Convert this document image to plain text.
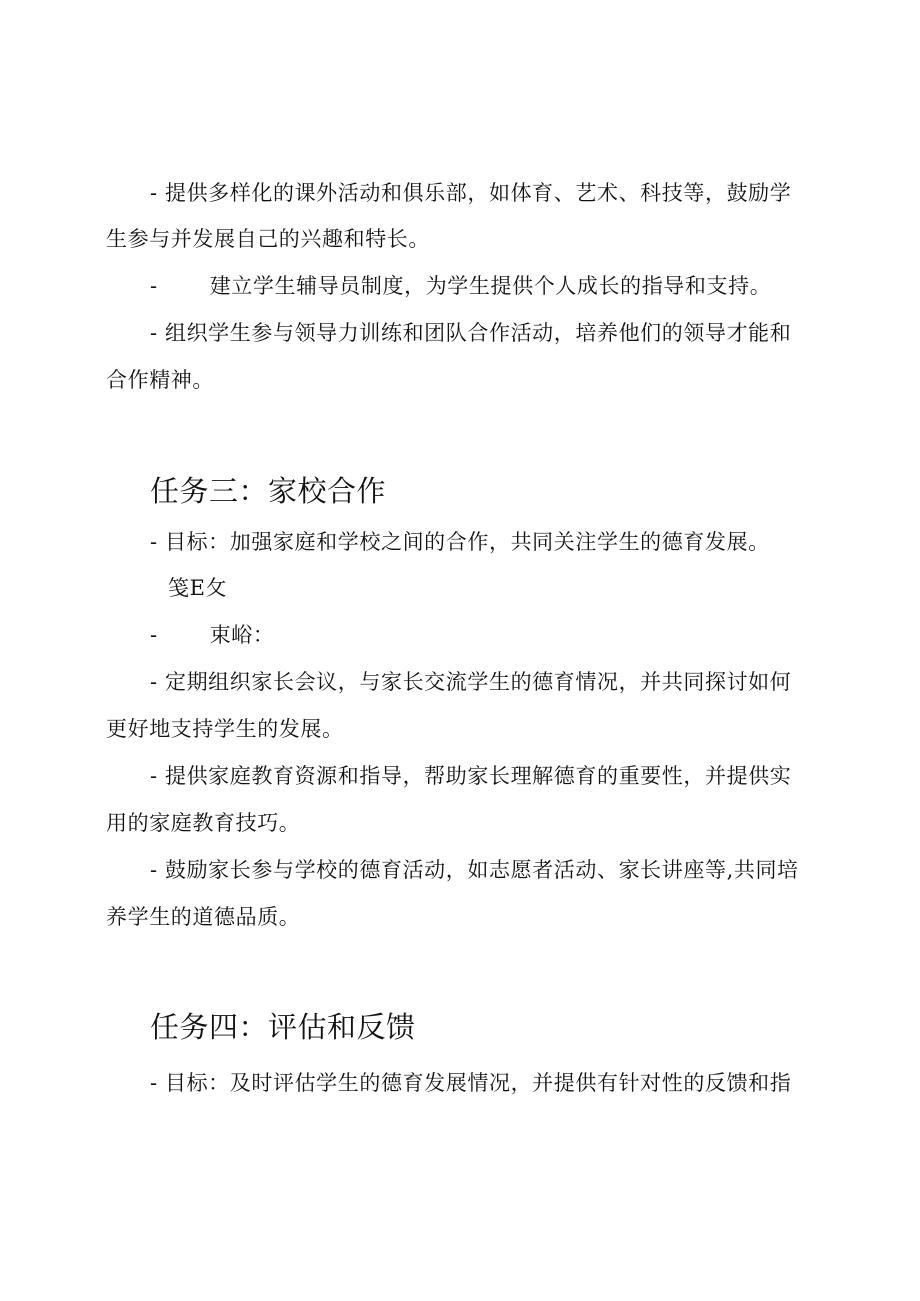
- 提供多样化的课外活动和俱乐部，如体育、艺术、科技等，鼓励学
生参与并发展自己的兴趣和特长。
- 建立学生辅导员制度，为学生提供个人成长的指导和支持。
- 组织学生参与领导力训练和团队合作活动，培养他们的领导才能和
合作精神。
任务三：家校合作
- 目标：加强家庭和学校之间的合作，共同关注学生的德育发展。
笺E攵
- 束峪：
- 定期组织家长会议，与家长交流学生的德育情况，并共同探讨如何
更好地支持学生的发展。
- 提供家庭教育资源和指导，帮助家长理解德育的重要性，并提供实
用的家庭教育技巧。
- 鼓励家长参与学校的德育活动，如志愿者活动、家长讲座等,共同培
养学生的道德品质。
任务四：评估和反馈
- 目标：及时评估学生的德育发展情况，并提供有针对性的反馈和指
